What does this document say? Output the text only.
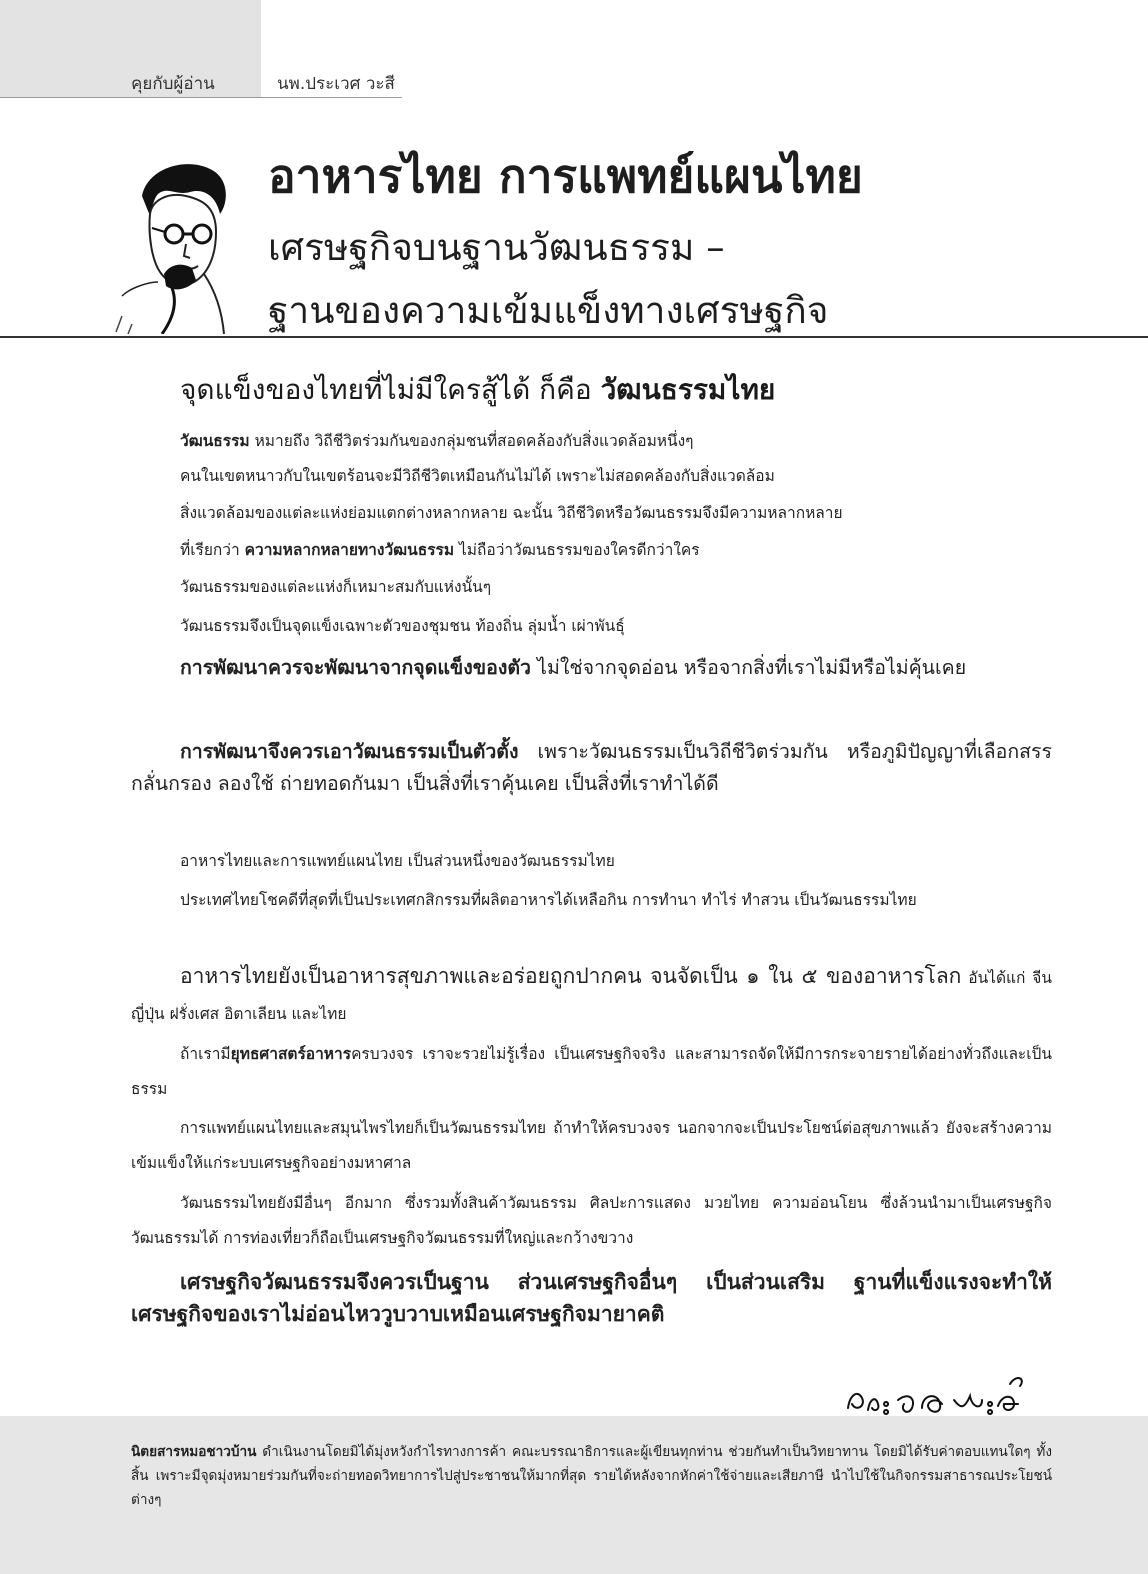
คุยกับผู้อ่าน	นพ.ประเวศ วะสี
อาหารไทย การแพทย์แผนไทย
เศรษฐกิจบนฐานวัฒนธรรม –
ฐานของความเข้มแข็งทางเศรษฐกิจ

จุดแข็งของไทยที่ไม่มีใครสู้ได้ ก็คือ วัฒนธรรมไทย

วัฒนธรรม หมายถึง วิถีชีวิตร่วมกันของกลุ่มชนที่สอดคล้องกับสิ่งแวดล้อมหนึ่งๆ

คนในเขตหนาวกับในเขตร้อนจะมีวิถีชีวิตเหมือนกันไม่ได้ เพราะไม่สอดคล้องกับสิ่งแวดล้อม

สิ่งแวดล้อมของแต่ละแห่งย่อมแตกต่างหลากหลาย ฉะนั้น วิถีชีวิตหรือวัฒนธรรมจึงมีความหลากหลาย

ที่เรียกว่า ความหลากหลายทางวัฒนธรรม ไม่ถือว่าวัฒนธรรมของใครดีกว่าใคร

วัฒนธรรมของแต่ละแห่งก็เหมาะสมกับแห่งนั้นๆ

วัฒนธรรมจึงเป็นจุดแข็งเฉพาะตัวของชุมชน ท้องถิ่น ลุ่มน้ำ เผ่าพันธุ์

การพัฒนาควรจะพัฒนาจากจุดแข็งของตัว ไม่ใช่จากจุดอ่อน หรือจากสิ่งที่เราไม่มีหรือไม่คุ้นเคย

การพัฒนาจึงควรเอาวัฒนธรรมเป็นตัวตั้ง เพราะวัฒนธรรมเป็นวิถีชีวิตร่วมกัน หรือภูมิปัญญาที่เลือกสรร กลั่นกรอง ลองใช้ ถ่ายทอดกันมา เป็นสิ่งที่เราคุ้นเคย เป็นสิ่งที่เราทำได้ดี

อาหารไทยและการแพทย์แผนไทย เป็นส่วนหนึ่งของวัฒนธรรมไทย

ประเทศไทยโชคดีที่สุดที่เป็นประเทศกสิกรรมที่ผลิตอาหารได้เหลือกิน การทำนา ทำไร่ ทำสวน เป็นวัฒนธรรมไทย

อาหารไทยยังเป็นอาหารสุขภาพและอร่อยถูกปากคน จนจัดเป็น ๑ ใน ๕ ของอาหารโลก อันได้แก่ จีน ญี่ปุ่น ฝรั่งเศส อิตาเลียน และไทย

ถ้าเรามียุทธศาสตร์อาหารครบวงจร เราจะรวยไม่รู้เรื่อง เป็นเศรษฐกิจจริง และสามารถจัดให้มีการกระจายรายได้อย่างทั่วถึงและเป็นธรรม

การแพทย์แผนไทยและสมุนไพรไทยก็เป็นวัฒนธรรมไทย ถ้าทำให้ครบวงจร นอกจากจะเป็นประโยชน์ต่อสุขภาพแล้ว ยังจะสร้างความเข้มแข็งให้แก่ระบบเศรษฐกิจอย่างมหาศาล

วัฒนธรรมไทยยังมีอื่นๆ อีกมาก ซึ่งรวมทั้งสินค้าวัฒนธรรม ศิลปะการแสดง มวยไทย ความอ่อนโยน ซึ่งล้วนนำมาเป็นเศรษฐกิจวัฒนธรรมได้ การท่องเที่ยวก็ถือเป็นเศรษฐกิจวัฒนธรรมที่ใหญ่และกว้างขวาง

เศรษฐกิจวัฒนธรรมจึงควรเป็นฐาน ส่วนเศรษฐกิจอื่นๆ เป็นส่วนเสริม ฐานที่แข็งแรงจะทำให้เศรษฐกิจของเราไม่อ่อนไหววูบวาบเหมือนเศรษฐกิจมายาคติ

นิตยสารหมอชาวบ้าน ดำเนินงานโดยมิได้มุ่งหวังกำไรทางการค้า คณะบรรณาธิการและผู้เขียนทุกท่าน ช่วยกันทำเป็นวิทยาทาน โดยมิได้รับค่าตอบแทนใดๆ ทั้งสิ้น เพราะมีจุดมุ่งหมายร่วมกันที่จะถ่ายทอดวิทยาการไปสู่ประชาชนให้มากที่สุด รายได้หลังจากหักค่าใช้จ่ายและเสียภาษี นำไปใช้ในกิจกรรมสาธารณประโยชน์ต่างๆ
